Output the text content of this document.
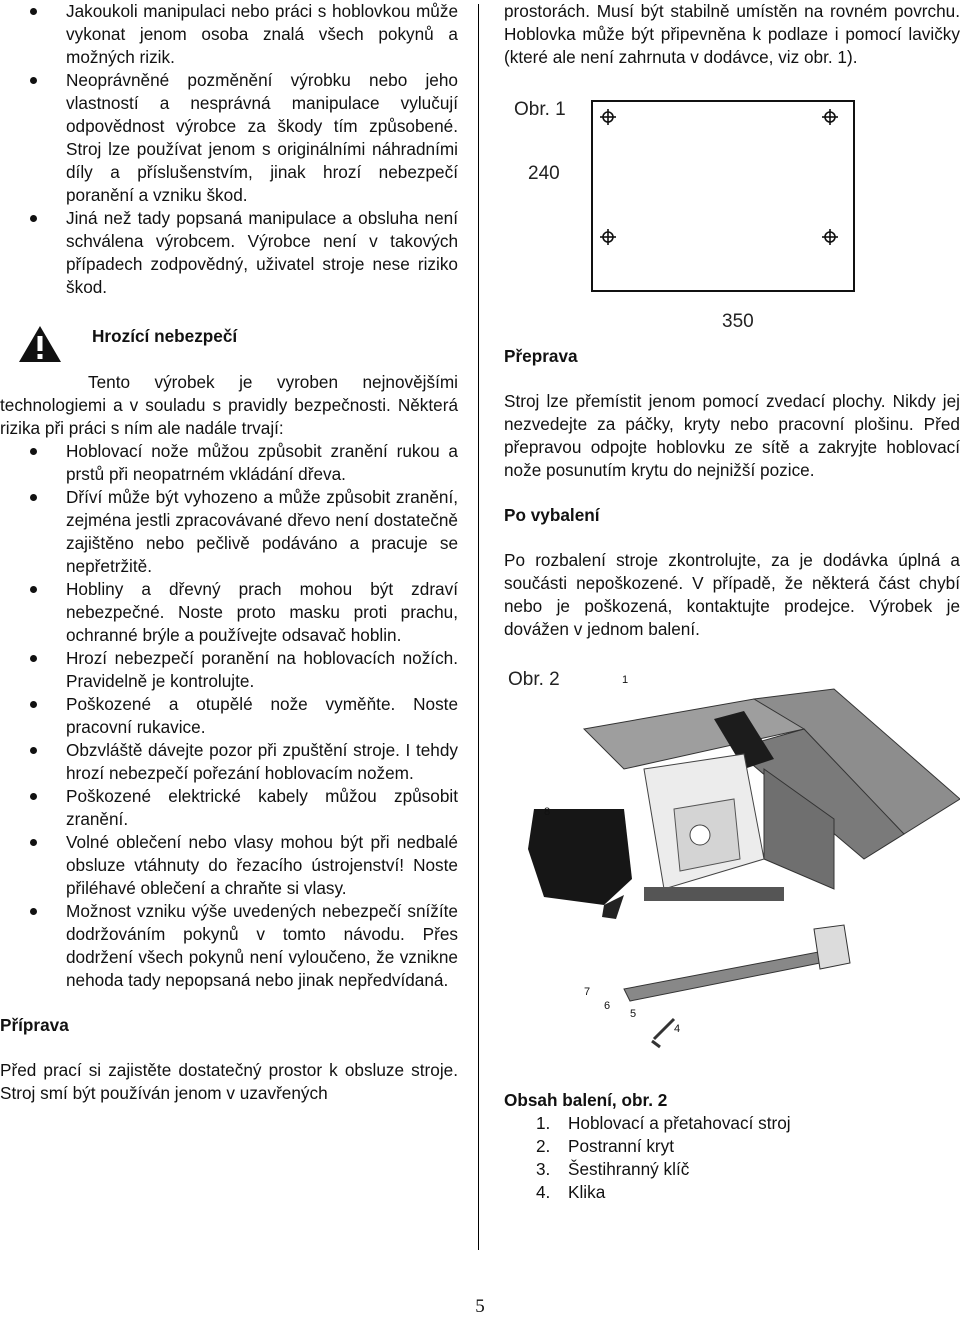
Jakoukoli manipulaci nebo práci s hoblovkou může vykonat jenom osoba znalá všech pokynů a možných rizik.
Neoprávněné pozměnění výrobku nebo jeho vlastností a nesprávná manipulace vylučují odpovědnost výrobce za škody tím způsobené. Stroj lze používat jenom s originálními náhradními díly a příslušenstvím, jinak hrozí nebezpečí poranění a vzniku škod.
Jiná než tady popsaná manipulace a obsluha není schválena výrobcem. Výrobce není v takových případech zodpovědný, uživatel stroje nese riziko škod.
Hrozící nebezpečí
Tento výrobek je vyroben nejnovějšími technologiemi a v souladu s pravidly bezpečnosti. Některá rizika při práci s ním ale nadále trvají:
Hoblovací nože můžou způsobit zranění rukou a prstů při neopatrném vkládání dřeva.
Dříví může být vyhozeno a může způsobit zranění, zejména jestli zpracovávané dřevo není dostatečně zajištěno nebo pečlivě podáváno a pracuje se nepřetržitě.
Hobliny a dřevný prach mohou být zdraví nebezpečné. Noste proto masku proti prachu, ochranné brýle a používejte odsavač hoblin.
Hrozí nebezpečí poranění na hoblovacích nožích. Pravidelně je kontrolujte.
Poškozené a otupělé nože vyměňte. Noste pracovní rukavice.
Obzvláště dávejte pozor při zpuštění stroje. I tehdy hrozí nebezpečí pořezání hoblovacím nožem.
Poškozené elektrické kabely můžou způsobit zranění.
Volné oblečení nebo vlasy mohou být při nedbalé obsluze vtáhnuty do řezacího ústrojenství! Noste přiléhavé oblečení a chraňte si vlasy.
Možnost vzniku výše uvedených nebezpečí snížíte dodržováním pokynů v tomto návodu. Přes dodržení všech pokynů není vyloučeno, že vznikne nehoda tady nepopsaná nebo jinak nepředvídaná.
Příprava
Před prací si zajistěte dostatečný prostor k obsluze stroje. Stroj smí být používán jenom v uzavřených
prostorách. Musí být stabilně umístěn na rovném povrchu. Hoblovka může být připevněna k podlaze i pomocí lavičky (které ale není zahrnuta v dodávce, viz obr. 1).
Obr. 1
240
350
Přeprava
Stroj lze přemístit jenom pomocí zvedací plochy. Nikdy jej nezvedejte za páčky, kryty nebo pracovní plošinu. Před přepravou odpojte hoblovku ze sítě a zakryjte hoblovací nože posunutím krytu do nejnižší pozice.
Po vybalení
Po rozbalení stroje zkontrolujte, za je dodávka úplná a součásti nepoškozené. V případě, že některá část chybí nebo je poškozená, kontaktujte prodejce. Výrobek je dovážen v jednom balení.
Obr. 2	1
8
7
6
5
4
Obsah balení, obr. 2
1. Hoblovací a přetahovací stroj
2. Postranní kryt
3. Šestihranný klíč
4. Klika
5
